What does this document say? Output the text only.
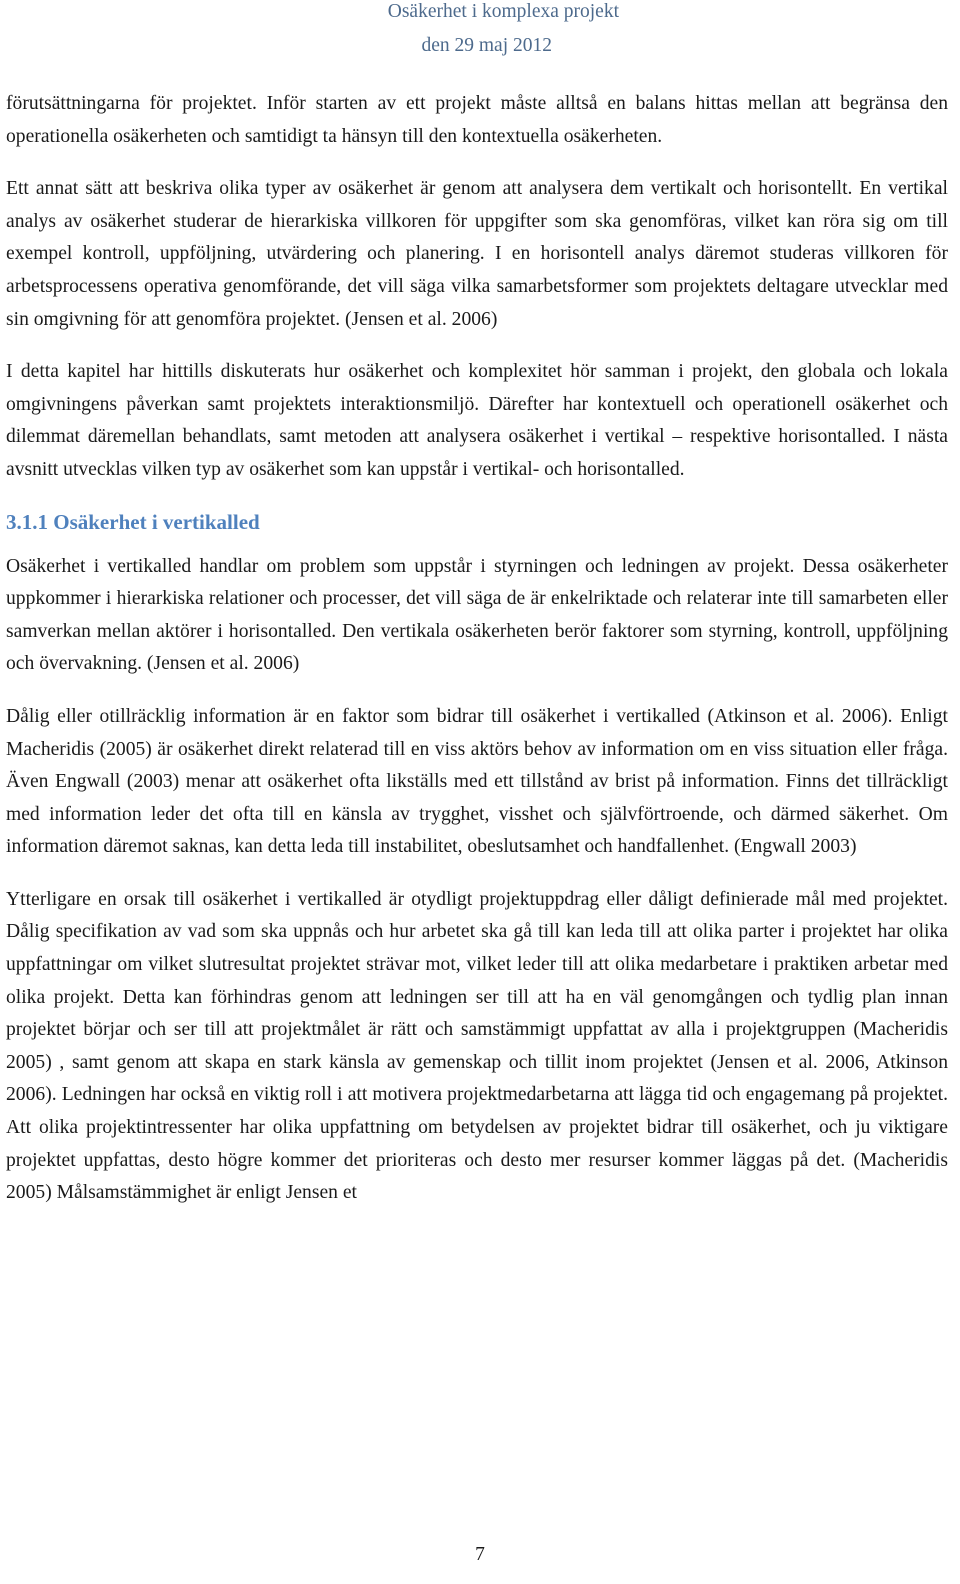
Osäkerhet i komplexa projekt
den 29 maj 2012

förutsättningarna för projektet. Inför starten av ett projekt måste alltså en balans hittas mellan att begränsa den operationella osäkerheten och samtidigt ta hänsyn till den kontextuella osäkerheten.

Ett annat sätt att beskriva olika typer av osäkerhet är genom att analysera dem vertikalt och horisontellt. En vertikal analys av osäkerhet studerar de hierarkiska villkoren för uppgifter som ska genomföras, vilket kan röra sig om till exempel kontroll, uppföljning, utvärdering och planering. I en horisontell analys däremot studeras villkoren för arbetsprocessens operativa genomförande, det vill säga vilka samarbetsformer som projektets deltagare utvecklar med sin omgivning för att genomföra projektet. (Jensen et al. 2006)

I detta kapitel har hittills diskuterats hur osäkerhet och komplexitet hör samman i projekt, den globala och lokala omgivningens påverkan samt projektets interaktionsmiljö. Därefter har kontextuell och operationell osäkerhet och dilemmat däremellan behandlats, samt metoden att analysera osäkerhet i vertikal – respektive horisontalled. I nästa avsnitt utvecklas vilken typ av osäkerhet som kan uppstår i vertikal- och horisontalled.

3.1.1 Osäkerhet i vertikalled

Osäkerhet i vertikalled handlar om problem som uppstår i styrningen och ledningen av projekt. Dessa osäkerheter uppkommer i hierarkiska relationer och processer, det vill säga de är enkelriktade och relaterar inte till samarbeten eller samverkan mellan aktörer i horisontalled. Den vertikala osäkerheten berör faktorer som styrning, kontroll, uppföljning och övervakning. (Jensen et al. 2006)

Dålig eller otillräcklig information är en faktor som bidrar till osäkerhet i vertikalled (Atkinson et al. 2006). Enligt Macheridis (2005) är osäkerhet direkt relaterad till en viss aktörs behov av information om en viss situation eller fråga. Även Engwall (2003) menar att osäkerhet ofta likställs med ett tillstånd av brist på information. Finns det tillräckligt med information leder det ofta till en känsla av trygghet, visshet och självförtroende, och därmed säkerhet. Om information däremot saknas, kan detta leda till instabilitet, obeslutsamhet och handfallenhet. (Engwall 2003)

Ytterligare en orsak till osäkerhet i vertikalled är otydligt projektuppdrag eller dåligt definierade mål med projektet. Dålig specifikation av vad som ska uppnås och hur arbetet ska gå till kan leda till att olika parter i projektet har olika uppfattningar om vilket slutresultat projektet strävar mot, vilket leder till att olika medarbetare i praktiken arbetar med olika projekt. Detta kan förhindras genom att ledningen ser till att ha en väl genomgången och tydlig plan innan projektet börjar och ser till att projektmålet är rätt och samstämmigt uppfattat av alla i projektgruppen (Macheridis 2005) , samt genom att skapa en stark känsla av gemenskap och tillit inom projektet (Jensen et al. 2006, Atkinson 2006). Ledningen har också en viktig roll i att motivera projektmedarbetarna att lägga tid och engagemang på projektet. Att olika projektintressenter har olika uppfattning om betydelsen av projektet bidrar till osäkerhet, och ju viktigare projektet uppfattas, desto högre kommer det prioriteras och desto mer resurser kommer läggas på det. (Macheridis 2005) Målsamstämmighet är enligt Jensen et

7
